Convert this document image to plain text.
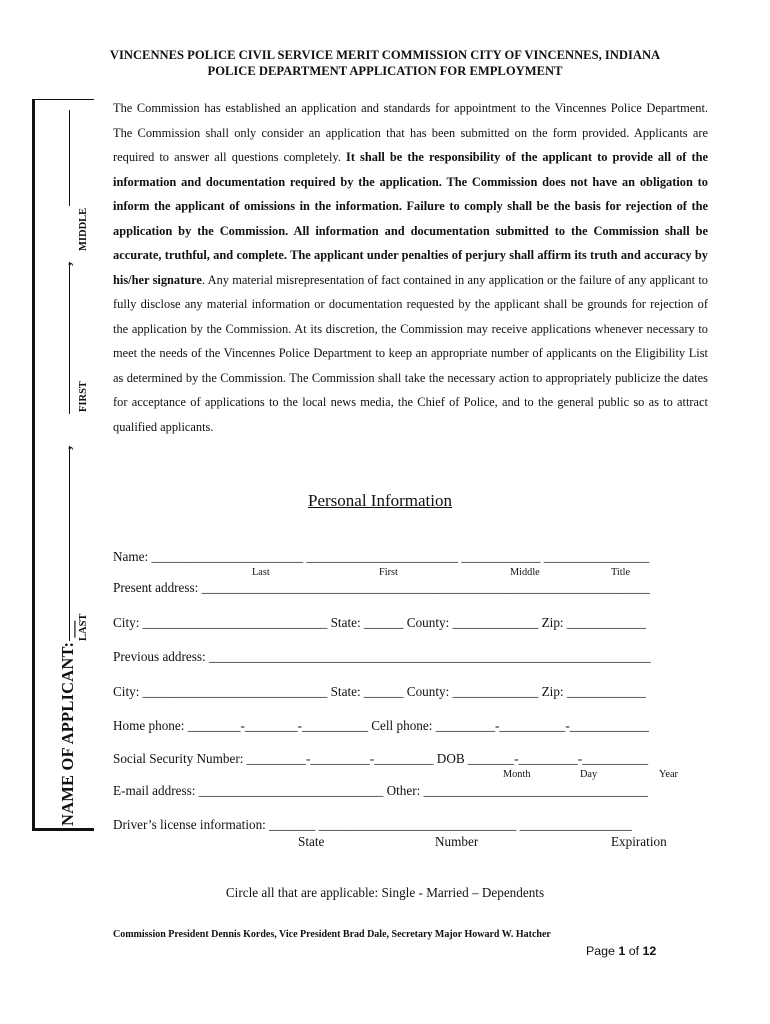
VINCENNES POLICE CIVIL SERVICE MERIT COMMISSION CITY OF VINCENNES, INDIANA
POLICE DEPARTMENT APPLICATION FOR EMPLOYMENT
NAME OF APPLICANT: __ LAST
FIRST
MIDDLE
,
,
The Commission has established an application and standards for appointment to the Vincennes Police Department. The Commission shall only consider an application that has been submitted on the form provided. Applicants are required to answer all questions completely. It shall be the responsibility of the applicant to provide all of the information and documentation required by the application. The Commission does not have an obligation to inform the applicant of omissions in the information. Failure to comply shall be the basis for rejection of the application by the Commission. All information and documentation submitted to the Commission shall be accurate, truthful, and complete. The applicant under penalties of perjury shall affirm its truth and accuracy by his/her signature. Any material misrepresentation of fact contained in any application or the failure of any applicant to fully disclose any material information or documentation requested by the applicant shall be grounds for rejection of the application by the Commission. At its discretion, the Commission may receive applications whenever necessary to meet the needs of the Vincennes Police Department to keep an appropriate number of applicants on the Eligibility List as determined by the Commission. The Commission shall take the necessary action to appropriately publicize the dates for acceptance of applications to the local news media, the Chief of Police, and to the general public so as to attract qualified applicants.
Personal Information
Name: _______________________ _______________________ ____________ ________________
Last	First	Middle	Title
Present address: ____________________________________________________________________
City: ____________________________ State: ______ County: _____________ Zip: ____________
Previous address: ___________________________________________________________________
City: ____________________________ State: ______ County: _____________ Zip: ____________
Home phone: ________-________-__________ Cell phone: _________-__________-____________
Social Security Number: _________-_________-_________ DOB _______-_________-__________
Month	Day	Year
E-mail address: ____________________________ Other: __________________________________
Driver’s license information: _______ ______________________________ _________________
State	Number	Expiration
Circle all that are applicable: Single - Married – Dependents
Commission President Dennis Kordes, Vice President Brad Dale, Secretary Major Howard W. Hatcher
Page 1 of 12
